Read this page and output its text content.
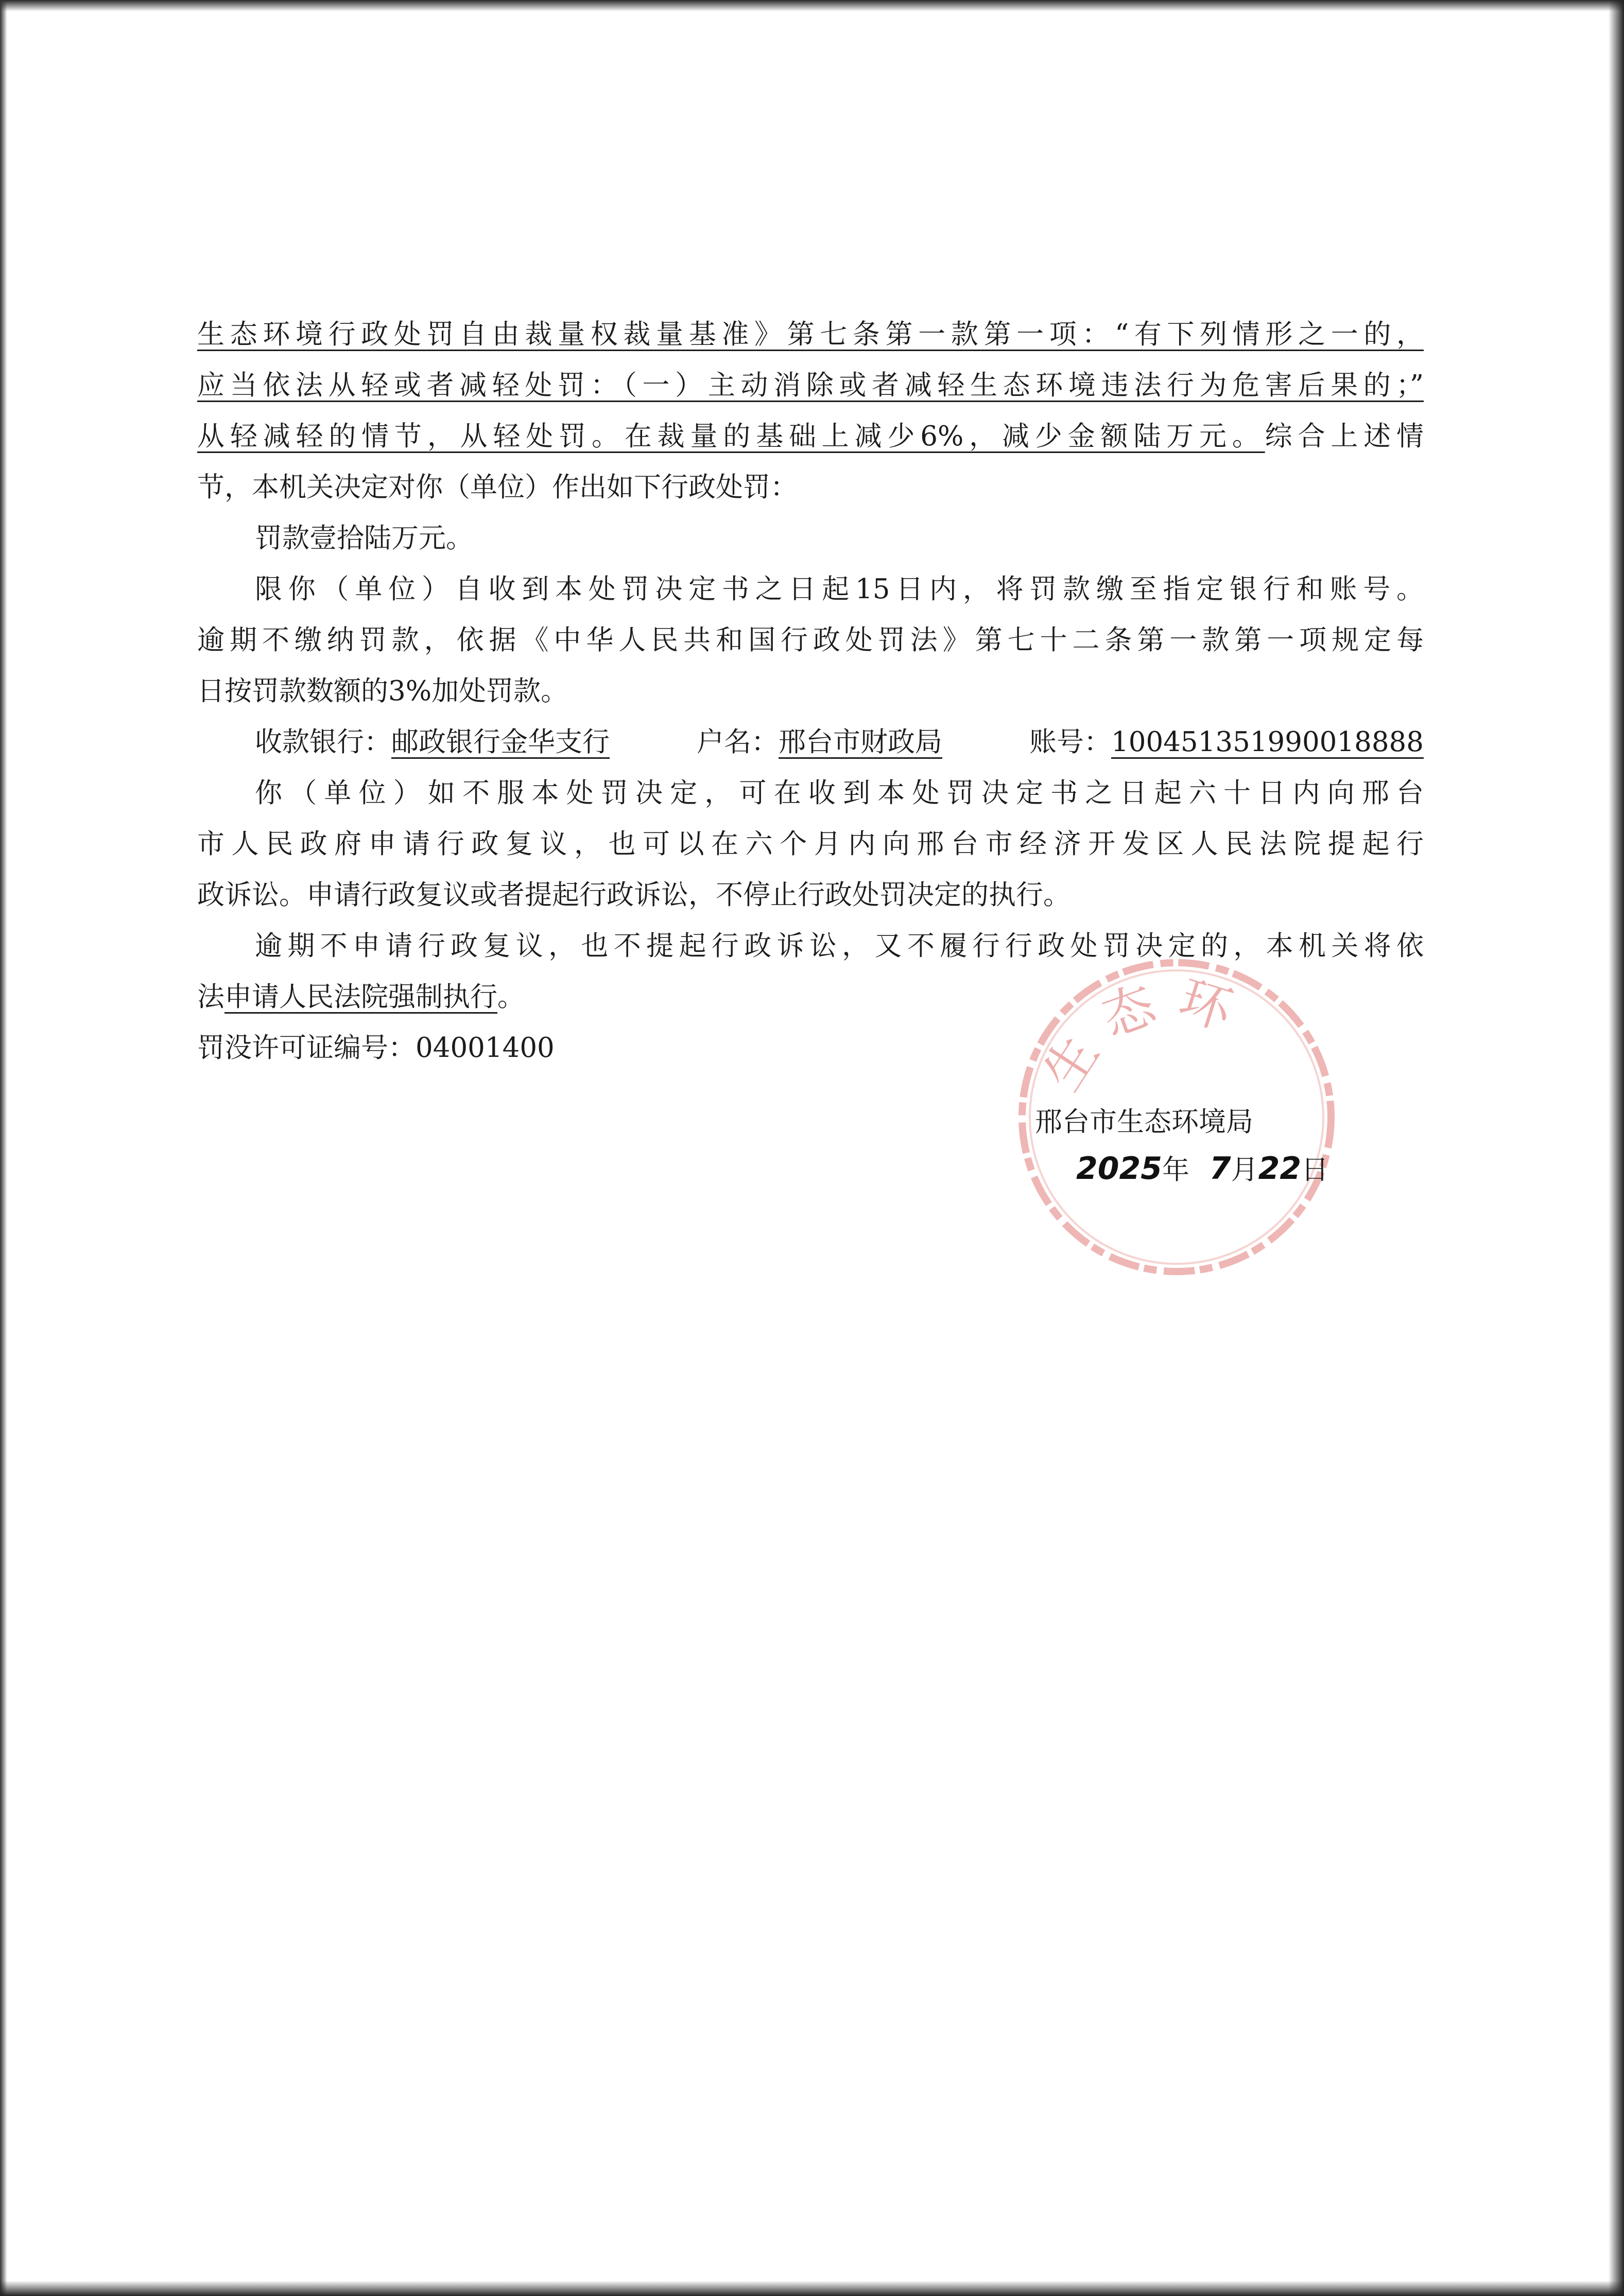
生态环境行政处罚自由裁量权裁量基准》第七条第一款第一项：“有下列情形之一的，
应当依法从轻或者减轻处罚：（一）主动消除或者减轻生态环境违法行为危害后果的；”
从轻减轻的情节，从轻处罚。在裁量的基础上减少6%，减少金额陆万元。综合上述情
节，本机关决定对你（单位）作出如下行政处罚：
罚款壹拾陆万元。
限你（单位）自收到本处罚决定书之日起15日内，将罚款缴至指定银行和账号。
逾期不缴纳罚款，依据《中华人民共和国行政处罚法》第七十二条第一款第一项规定每
日按罚款数额的3%加处罚款。
收款银行：邮政银行金华支行	户名：邢台市财政局	账号：100451351990018888
你（单位）如不服本处罚决定，可在收到本处罚决定书之日起六十日内向邢台
市人民政府申请行政复议，也可以在六个月内向邢台市经济开发区人民法院提起行
政诉讼。申请行政复议或者提起行政诉讼，不停止行政处罚决定的执行。
逾期不申请行政复议，也不提起行政诉讼，又不履行行政处罚决定的，本机关将依
法申请人民法院强制执行。
罚没许可证编号：04001400	生态环
邢台市生态环境局
2025年 7月22日
